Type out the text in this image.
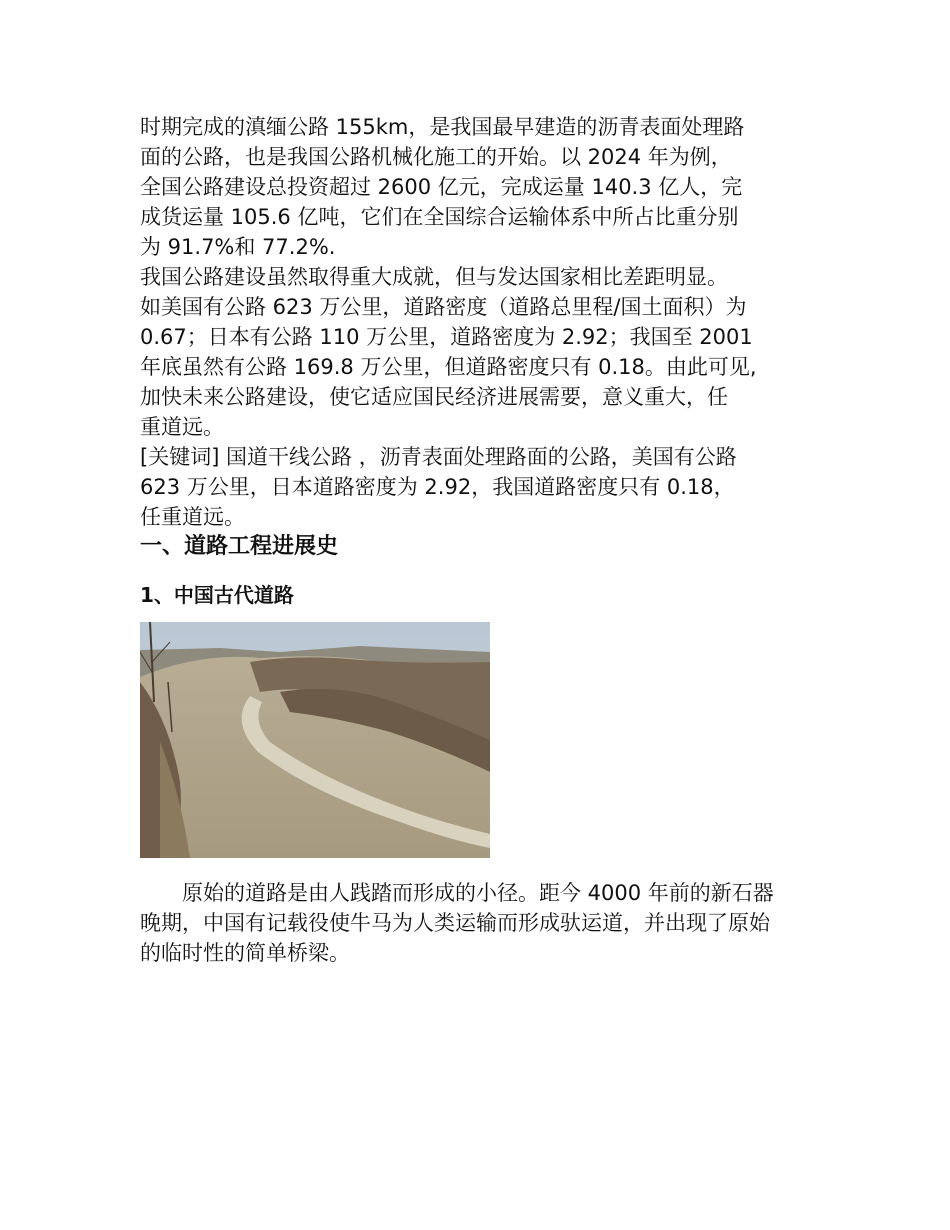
时期完成的滇缅公路 155km，是我国最早建造的沥青表面处理路
面的公路，也是我国公路机械化施工的开始。以 2024 年为例，
全国公路建设总投资超过 2600 亿元，完成运量 140.3 亿人，完
成货运量 105.6 亿吨，它们在全国综合运输体系中所占比重分别
为 91.7%和 77.2%.

我国公路建设虽然取得重大成就，但与发达国家相比差距明显。
如美国有公路 623 万公里，道路密度（道路总里程/国土面积）为
0.67；日本有公路 110 万公里，道路密度为 2.92；我国至 2001
年底虽然有公路 169.8 万公里，但道路密度只有 0.18。由此可见,
加快未来公路建设，使它适应国民经济进展需要，意义重大，任
重道远。

[关键词] 国道干线公路 ，沥青表面处理路面的公路，美国有公路
623 万公里，日本道路密度为 2.92，我国道路密度只有 0.18，
任重道远。

一、道路工程进展史
1、中国古代道路

　　原始的道路是由人践踏而形成的小径。距今 4000 年前的新石器
晚期，中国有记载役使牛马为人类运输而形成驮运道，并出现了原始
的临时性的简单桥梁。
